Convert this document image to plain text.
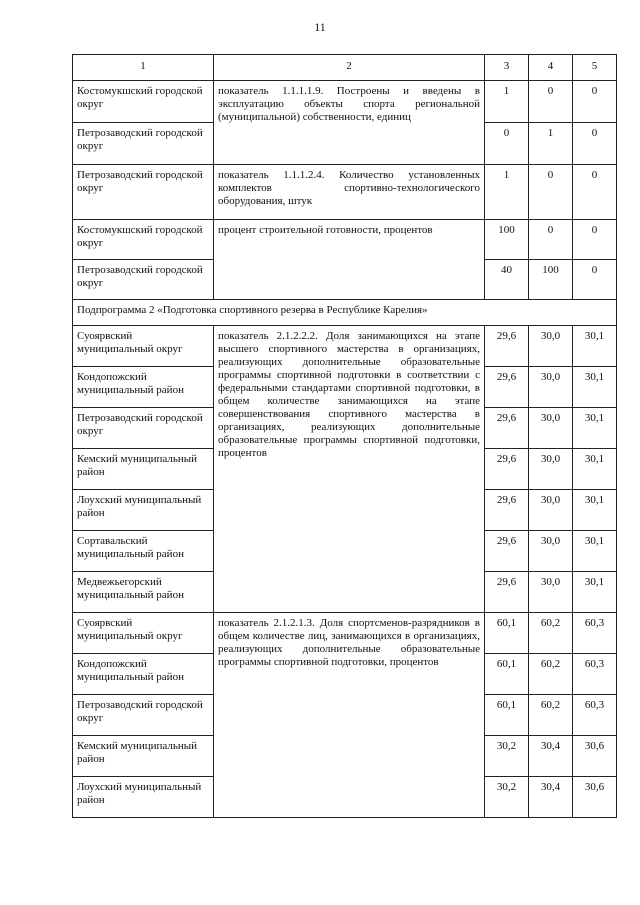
11
1	2	3	4	5
Костомукшский городской округ	показатель 1.1.1.1.9. Построены и введены в эксплуатацию объекты спорта региональной (муниципальной) собственности, единиц	1	0	0
Петрозаводский городской округ		0	1	0
Петрозаводский городской округ	показатель 1.1.1.2.4. Количество установленных комплектов спортивно-технологического оборудования, штук	1	0	0
Костомукшский городской округ	процент строительной готовности, процентов	100	0	0
Петрозаводский городской округ		40	100	0
Подпрограмма 2 «Подготовка спортивного резерва в Республике Карелия»				
Суоярвский муниципальный округ	показатель 2.1.2.2.2. Доля занимающихся на этапе высшего спортивного мастерства в организациях, реализующих дополнительные образовательные программы спортивной подготовки в соответствии с федеральными стандартами спортивной подготовки, в общем количестве занимающихся на этапе совершенствования спортивного мастерства в организациях, реализующих дополнительные образовательные программы спортивной подготовки, процентов	29,6	30,0	30,1
Кондопожский муниципальный район		29,6	30,0	30,1
Петрозаводский городской округ		29,6	30,0	30,1
Кемский муниципальный район		29,6	30,0	30,1
Лоухский муниципальный район		29,6	30,0	30,1
Сортавальский муниципальный район		29,6	30,0	30,1
Медвежьегорский муниципальный район		29,6	30,0	30,1
Суоярвский муниципальный округ	показатель 2.1.2.1.3. Доля спортсменов-разрядников в общем количестве лиц, занимающихся в организациях, реализующих дополнительные образовательные программы спортивной подготовки, процентов	60,1	60,2	60,3
Кондопожский муниципальный район		60,1	60,2	60,3
Петрозаводский городской округ		60,1	60,2	60,3
Кемский муниципальный район		30,2	30,4	30,6
Лоухский муниципальный район		30,2	30,4	30,6
